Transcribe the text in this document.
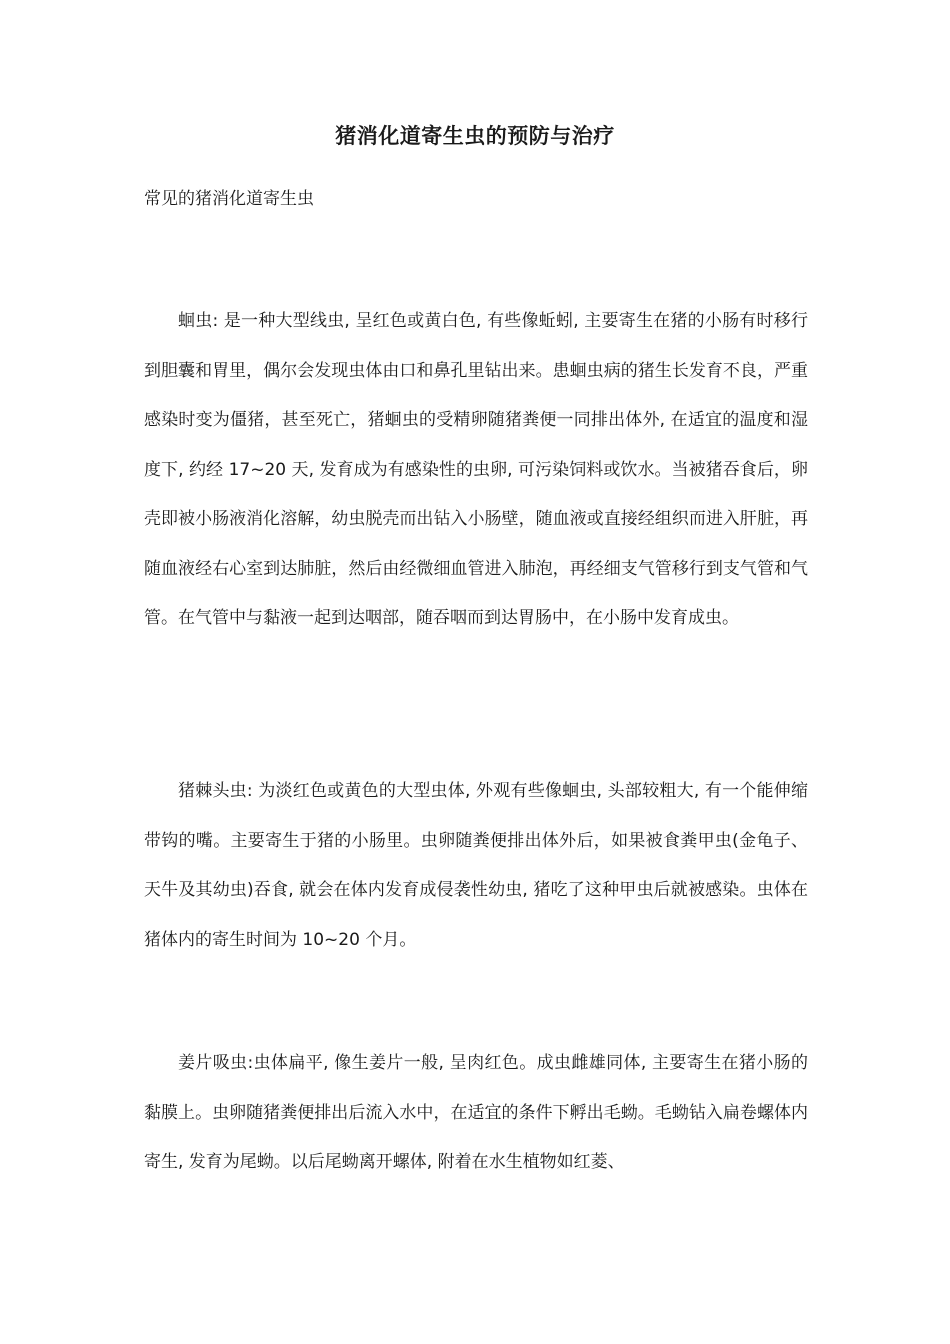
猪消化道寄生虫的预防与治疗

常见的猪消化道寄生虫

蛔虫: 是一种大型线虫, 呈红色或黄白色, 有些像蚯蚓, 主要寄生在猪的小肠有时移行到胆囊和胃里，偶尔会发现虫体由口和鼻孔里钻出来。患蛔虫病的猪生长发育不良，严重感染时变为僵猪，甚至死亡，猪蛔虫的受精卵随猪粪便一同排出体外, 在适宜的温度和湿度下, 约经 17~20 天, 发育成为有感染性的虫卵, 可污染饲料或饮水。当被猪吞食后，卵壳即被小肠液消化溶解，幼虫脱壳而出钻入小肠壁，随血液或直接经组织而进入肝脏，再随血液经右心室到达肺脏，然后由经微细血管进入肺泡，再经细支气管移行到支气管和气管。在气管中与黏液一起到达咽部，随吞咽而到达胃肠中，在小肠中发育成虫。

猪棘头虫: 为淡红色或黄色的大型虫体, 外观有些像蛔虫, 头部较粗大, 有一个能伸缩带钩的嘴。主要寄生于猪的小肠里。虫卵随粪便排出体外后，如果被食粪甲虫(金龟子、天牛及其幼虫)吞食, 就会在体内发育成侵袭性幼虫, 猪吃了这种甲虫后就被感染。虫体在猪体内的寄生时间为 10~20 个月。

姜片吸虫:虫体扁平, 像生姜片一般, 呈肉红色。成虫雌雄同体, 主要寄生在猪小肠的黏膜上。虫卵随猪粪便排出后流入水中，在适宜的条件下孵出毛蚴。毛蚴钻入扁卷螺体内寄生, 发育为尾蚴。以后尾蚴离开螺体, 附着在水生植物如红菱、
